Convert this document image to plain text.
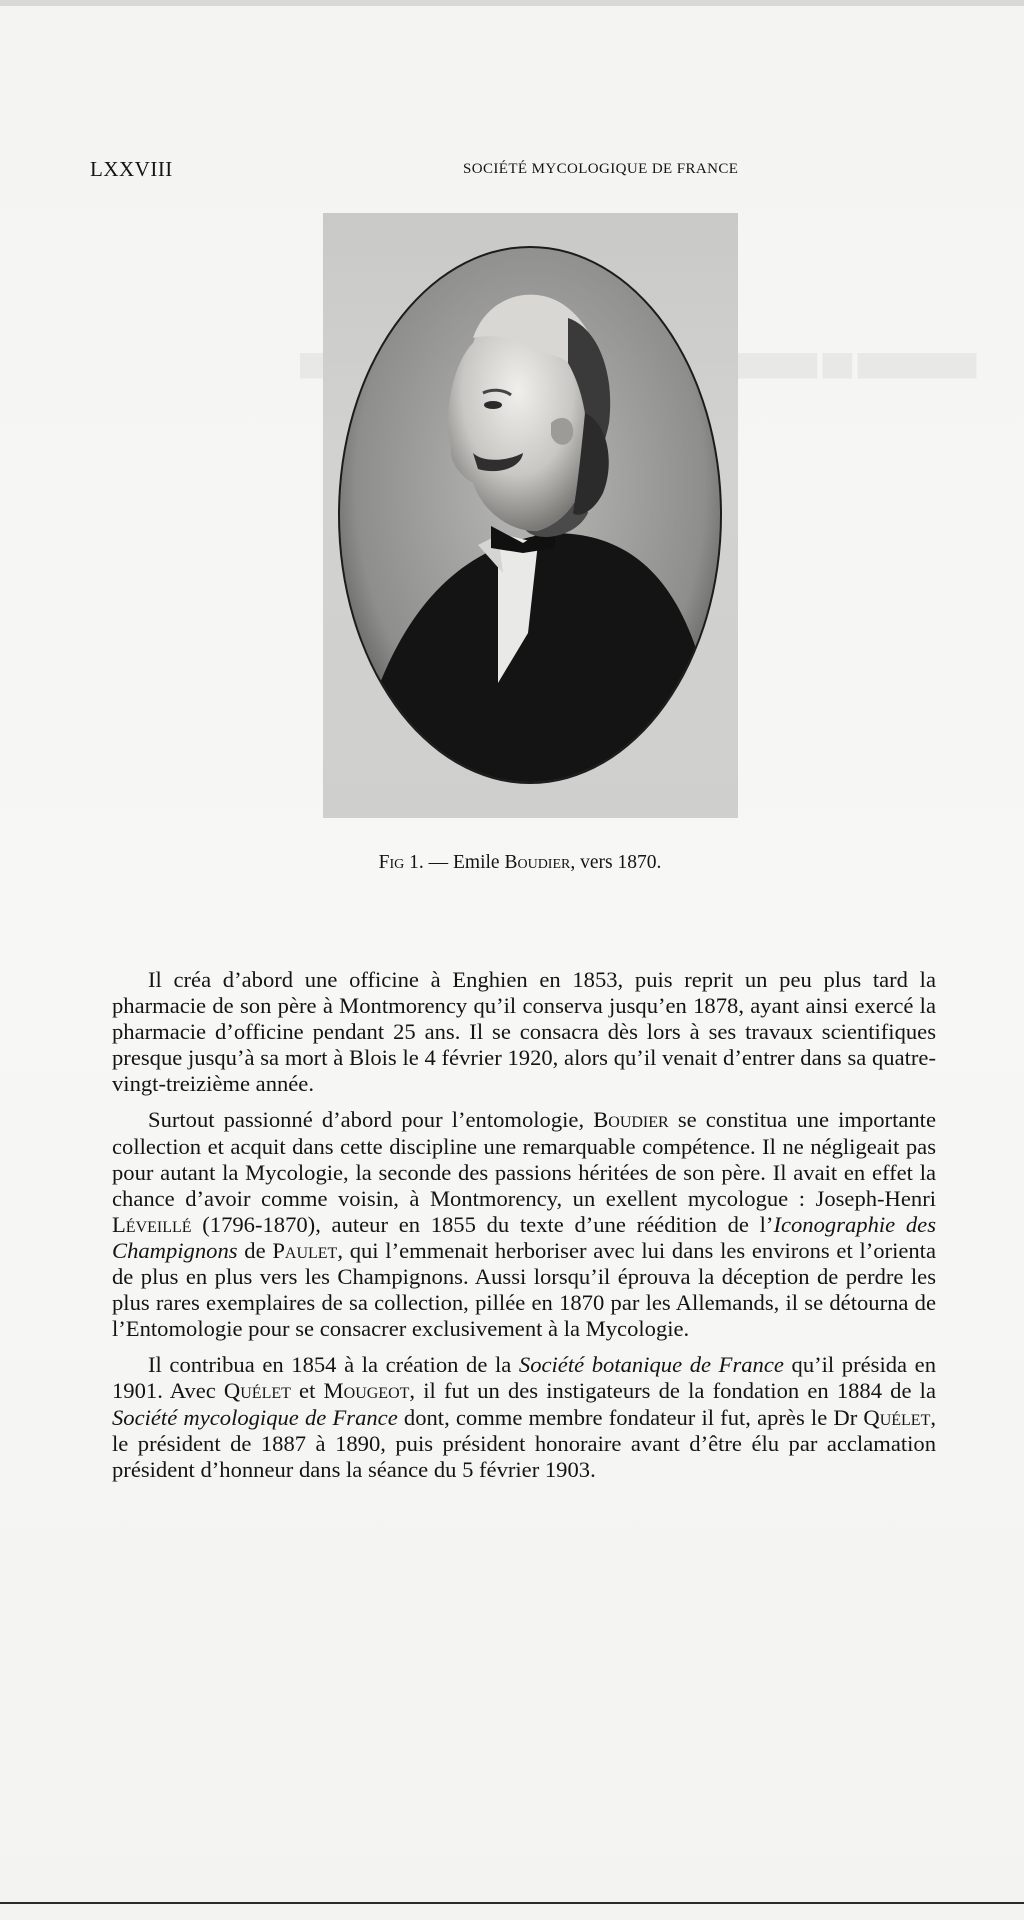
LXXVIII	SOCIÉTÉ MYCOLOGIQUE DE FRANCE
███████ ██ ████████
Fig 1. — Emile Boudier, vers 1870.

Il créa d’abord une officine à Enghien en 1853, puis reprit un peu plus tard la pharmacie de son père à Montmorency qu’il conserva jusqu’en 1878, ayant ainsi exercé la pharmacie d’officine pendant 25 ans. Il se consacra dès lors à ses travaux scientifiques presque jusqu’à sa mort à Blois le 4 février 1920, alors qu’il venait d’entrer dans sa quatre-vingt-treizième année.

Surtout passionné d’abord pour l’entomologie, Boudier se constitua une importante collection et acquit dans cette discipline une remarquable compétence. Il ne négligeait pas pour autant la Mycologie, la seconde des passions héritées de son père. Il avait en effet la chance d’avoir comme voisin, à Montmorency, un exellent mycologue : Joseph-Henri Léveillé (1796-1870), auteur en 1855 du texte d’une réédition de l’Iconographie des Champignons de Paulet, qui l’emmenait herboriser avec lui dans les environs et l’orienta de plus en plus vers les Champignons. Aussi lorsqu’il éprouva la déception de perdre les plus rares exemplaires de sa collection, pillée en 1870 par les Allemands, il se détourna de l’Entomologie pour se consacrer exclusivement à la Mycologie.

Il contribua en 1854 à la création de la Société botanique de France qu’il présida en 1901. Avec Quélet et Mougeot, il fut un des instigateurs de la fondation en 1884 de la Société mycologique de France dont, comme membre fondateur il fut, après le Dr Quélet, le président de 1887 à 1890, puis président honoraire avant d’être élu par acclamation président d’honneur dans la séance du 5 février 1903.
